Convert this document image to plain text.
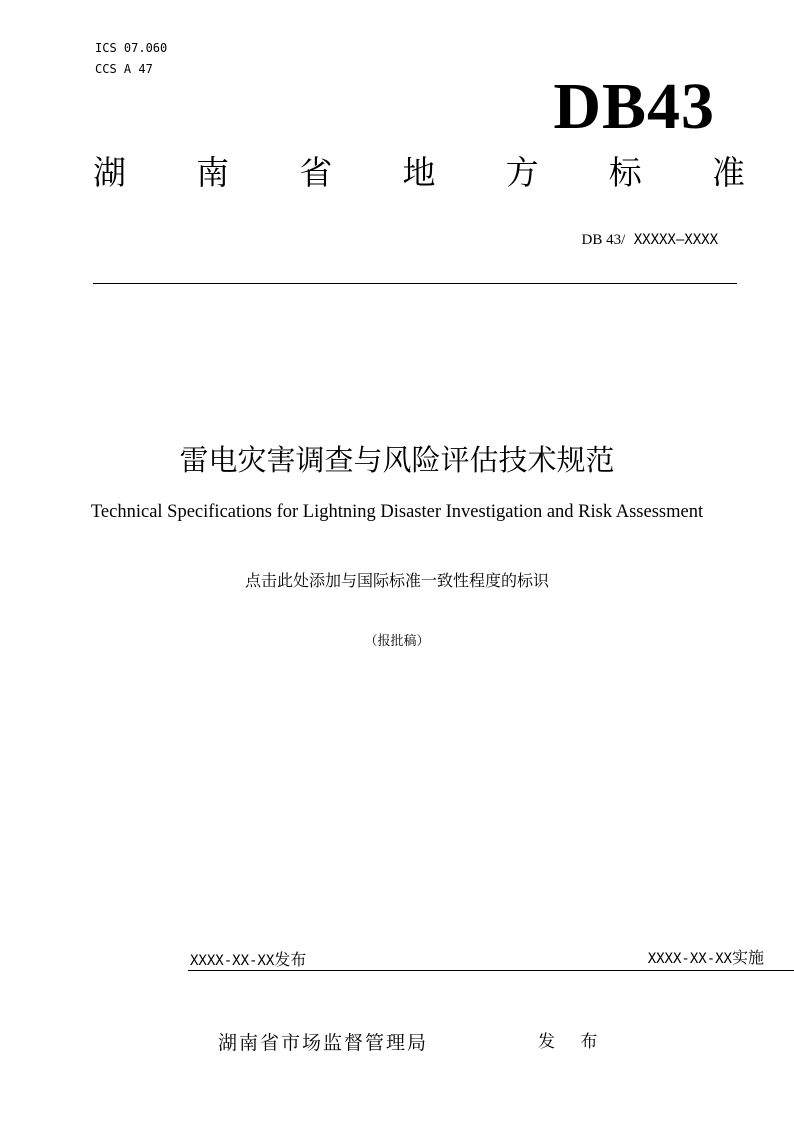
ICS 07.060
CCS A 47
DB43
湖 南 省 地 方 标 准
DB 43/ XXXXX—XXXX
雷电灾害调查与风险评估技术规范
Technical Specifications for Lightning Disaster Investigation and Risk Assessment
点击此处添加与国际标准一致性程度的标识
（报批稿）
XXXX-XX-XX发布	XXXX-XX-XX实施
湖南省市场监督管理局	发 布
